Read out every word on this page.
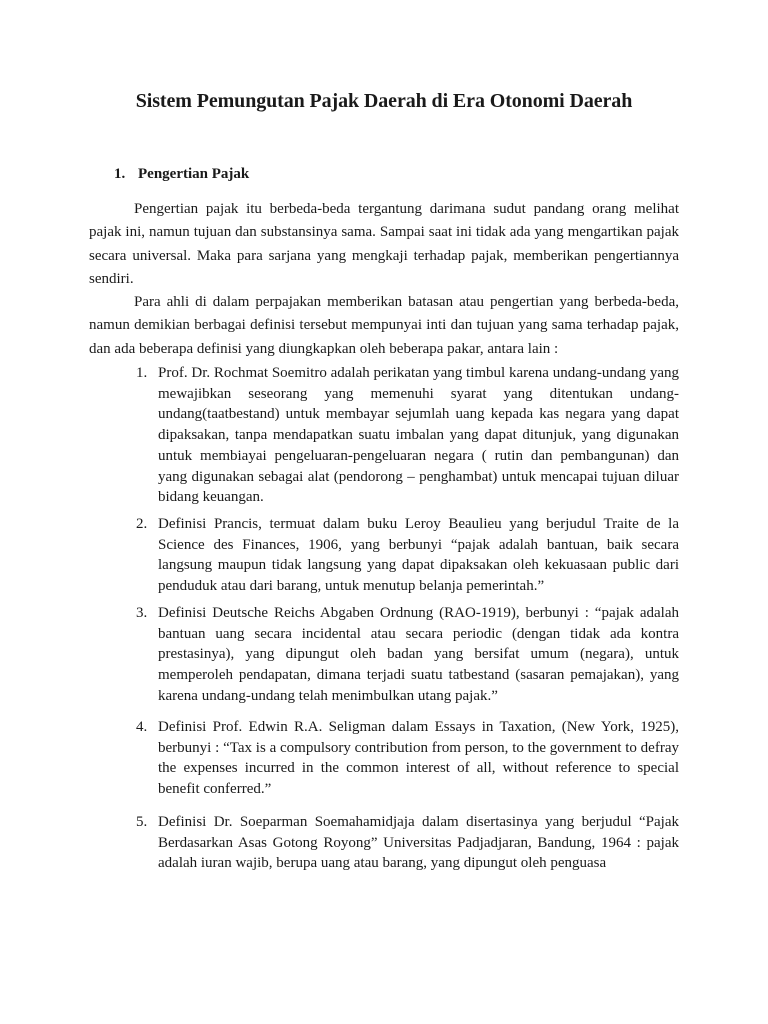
Sistem Pemungutan Pajak Daerah di Era Otonomi Daerah
1. Pengertian Pajak

Pengertian pajak itu berbeda-beda tergantung darimana sudut pandang orang melihat pajak ini, namun tujuan dan substansinya sama. Sampai saat ini tidak ada yang mengartikan pajak secara universal. Maka para sarjana yang mengkaji terhadap pajak, memberikan pengertiannya sendiri.

Para ahli di dalam perpajakan memberikan batasan atau pengertian yang berbeda-beda, namun demikian berbagai definisi tersebut mempunyai inti dan tujuan yang sama terhadap pajak, dan ada beberapa definisi yang diungkapkan oleh beberapa pakar, antara lain :

1. Prof. Dr. Rochmat Soemitro adalah perikatan yang timbul karena undang-undang yang mewajibkan seseorang yang memenuhi syarat yang ditentukan undang-undang(taatbestand) untuk membayar sejumlah uang kepada kas negara yang dapat dipaksakan, tanpa mendapatkan suatu imbalan yang dapat ditunjuk, yang digunakan untuk membiayai pengeluaran-pengeluaran negara ( rutin dan pembangunan) dan yang digunakan sebagai alat (pendorong – penghambat) untuk mencapai tujuan diluar bidang keuangan.
2. Definisi Prancis, termuat dalam buku Leroy Beaulieu yang berjudul Traite de la Science des Finances, 1906, yang berbunyi “pajak adalah bantuan, baik secara langsung maupun tidak langsung yang dapat dipaksakan oleh kekuasaan public dari penduduk atau dari barang, untuk menutup belanja pemerintah.”
3. Definisi Deutsche Reichs Abgaben Ordnung (RAO-1919), berbunyi : “pajak adalah bantuan uang secara incidental atau secara periodic (dengan tidak ada kontra prestasinya), yang dipungut oleh badan yang bersifat umum (negara), untuk memperoleh pendapatan, dimana terjadi suatu tatbestand (sasaran pemajakan), yang karena undang-undang telah menimbulkan utang pajak.”
4. Definisi Prof. Edwin R.A. Seligman dalam Essays in Taxation, (New York, 1925), berbunyi : “Tax is a compulsory contribution from person, to the government to defray the expenses incurred in the common interest of all, without reference to special benefit conferred.”
5. Definisi Dr. Soeparman Soemahamidjaja dalam disertasinya yang berjudul “Pajak Berdasarkan Asas Gotong Royong” Universitas Padjadjaran, Bandung, 1964 : pajak adalah iuran wajib, berupa uang atau barang, yang dipungut oleh penguasa
